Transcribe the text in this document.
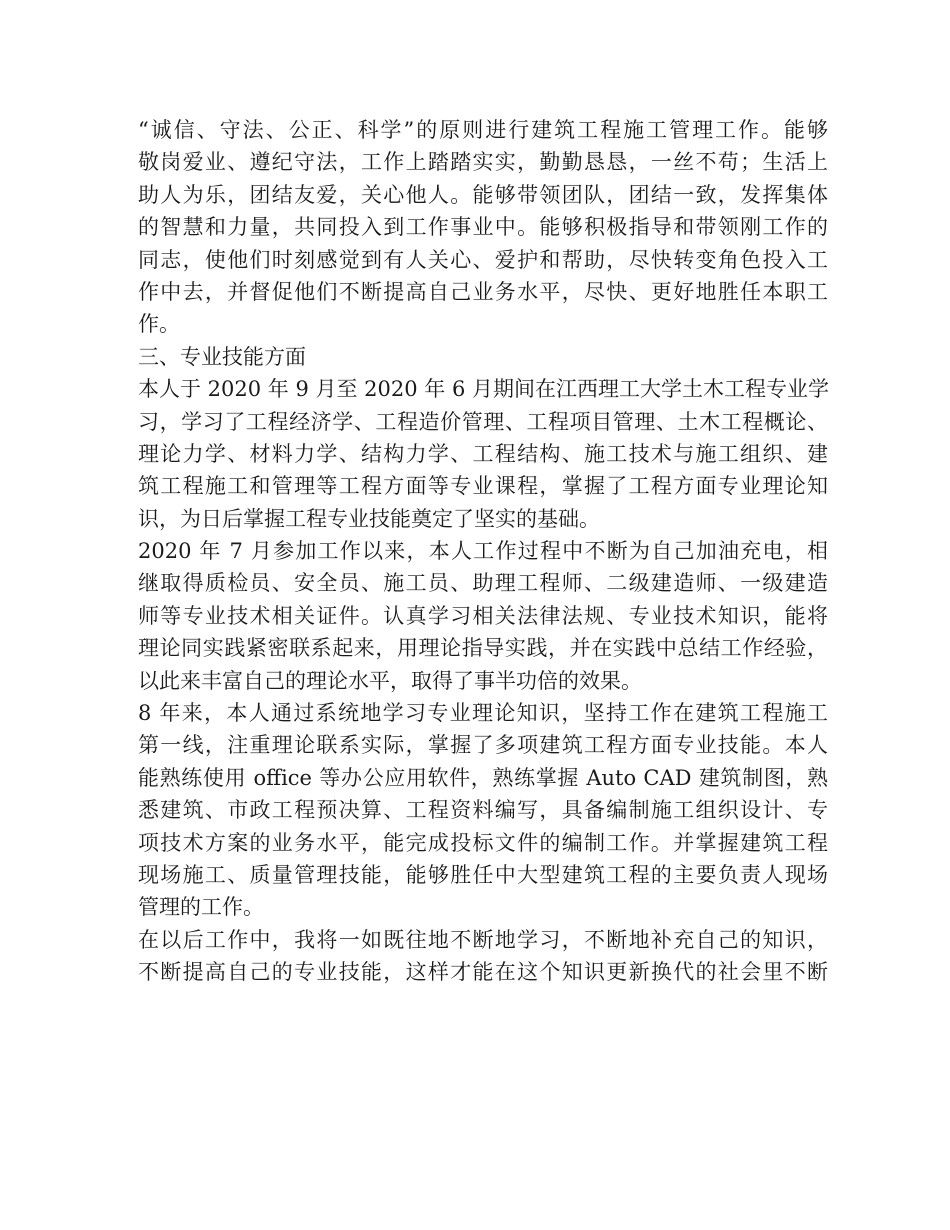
“诚信、守法、公正、科学”的原则进行建筑工程施工管理工作。能够
敬岗爱业、遵纪守法，工作上踏踏实实，勤勤恳恳，一丝不苟；生活上
助人为乐，团结友爱，关心他人。能够带领团队，团结一致，发挥集体
的智慧和力量，共同投入到工作事业中。能够积极指导和带领刚工作的
同志，使他们时刻感觉到有人关心、爱护和帮助，尽快转变角色投入工
作中去，并督促他们不断提高自己业务水平，尽快、更好地胜任本职工
作。
三、专业技能方面
本人于 2020 年 9 月至 2020 年 6 月期间在江西理工大学土木工程专业学
习，学习了工程经济学、工程造价管理、工程项目管理、土木工程概论、
理论力学、材料力学、结构力学、工程结构、施工技术与施工组织、建
筑工程施工和管理等工程方面等专业课程，掌握了工程方面专业理论知
识，为日后掌握工程专业技能奠定了坚实的基础。
2020 年 7 月参加工作以来，本人工作过程中不断为自己加油充电，相
继取得质检员、安全员、施工员、助理工程师、二级建造师、一级建造
师等专业技术相关证件。认真学习相关法律法规、专业技术知识，能将
理论同实践紧密联系起来，用理论指导实践，并在实践中总结工作经验，
以此来丰富自己的理论水平，取得了事半功倍的效果。
8 年来，本人通过系统地学习专业理论知识，坚持工作在建筑工程施工
第一线，注重理论联系实际，掌握了多项建筑工程方面专业技能。本人
能熟练使用 office 等办公应用软件，熟练掌握 Auto CAD 建筑制图，熟
悉建筑、市政工程预决算、工程资料编写，具备编制施工组织设计、专
项技术方案的业务水平，能完成投标文件的编制工作。并掌握建筑工程
现场施工、质量管理技能，能够胜任中大型建筑工程的主要负责人现场
管理的工作。
在以后工作中，我将一如既往地不断地学习，不断地补充自己的知识，
不断提高自己的专业技能，这样才能在这个知识更新换代的社会里不断
